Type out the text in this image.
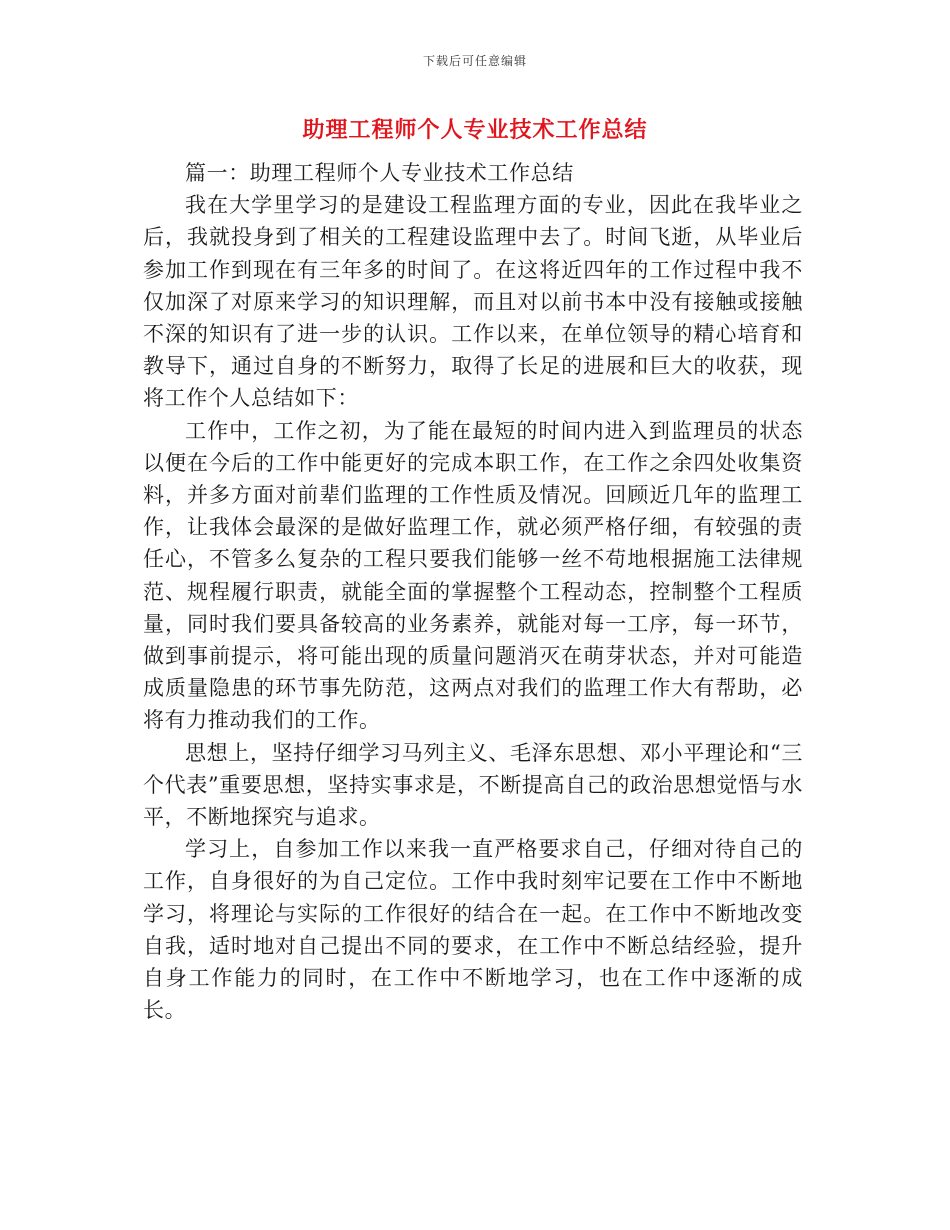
下载后可任意编辑
助理工程师个人专业技术工作总结

篇一：助理工程师个人专业技术工作总结

我在大学里学习的是建设工程监理方面的专业，因此在我毕业之后，我就投身到了相关的工程建设监理中去了。时间飞逝，从毕业后参加工作到现在有三年多的时间了。在这将近四年的工作过程中我不仅加深了对原来学习的知识理解，而且对以前书本中没有接触或接触不深的知识有了进一步的认识。工作以来，在单位领导的精心培育和教导下，通过自身的不断努力，取得了长足的进展和巨大的收获，现将工作个人总结如下：

工作中，工作之初，为了能在最短的时间内进入到监理员的状态以便在今后的工作中能更好的完成本职工作，在工作之余四处收集资料，并多方面对前辈们监理的工作性质及情况。回顾近几年的监理工作，让我体会最深的是做好监理工作，就必须严格仔细，有较强的责任心，不管多么复杂的工程只要我们能够一丝不苟地根据施工法律规范、规程履行职责，就能全面的掌握整个工程动态，控制整个工程质量，同时我们要具备较高的业务素养，就能对每一工序，每一环节，做到事前提示，将可能出现的质量问题消灭在萌芽状态，并对可能造成质量隐患的环节事先防范，这两点对我们的监理工作大有帮助，必将有力推动我们的工作。

思想上，坚持仔细学习马列主义、毛泽东思想、邓小平理论和“三个代表”重要思想，坚持实事求是，不断提高自己的政治思想觉悟与水平，不断地探究与追求。

学习上，自参加工作以来我一直严格要求自己，仔细对待自己的工作，自身很好的为自己定位。工作中我时刻牢记要在工作中不断地学习，将理论与实际的工作很好的结合在一起。在工作中不断地改变自我，适时地对自己提出不同的要求，在工作中不断总结经验，提升自身工作能力的同时，在工作中不断地学习，也在工作中逐渐的成长。
